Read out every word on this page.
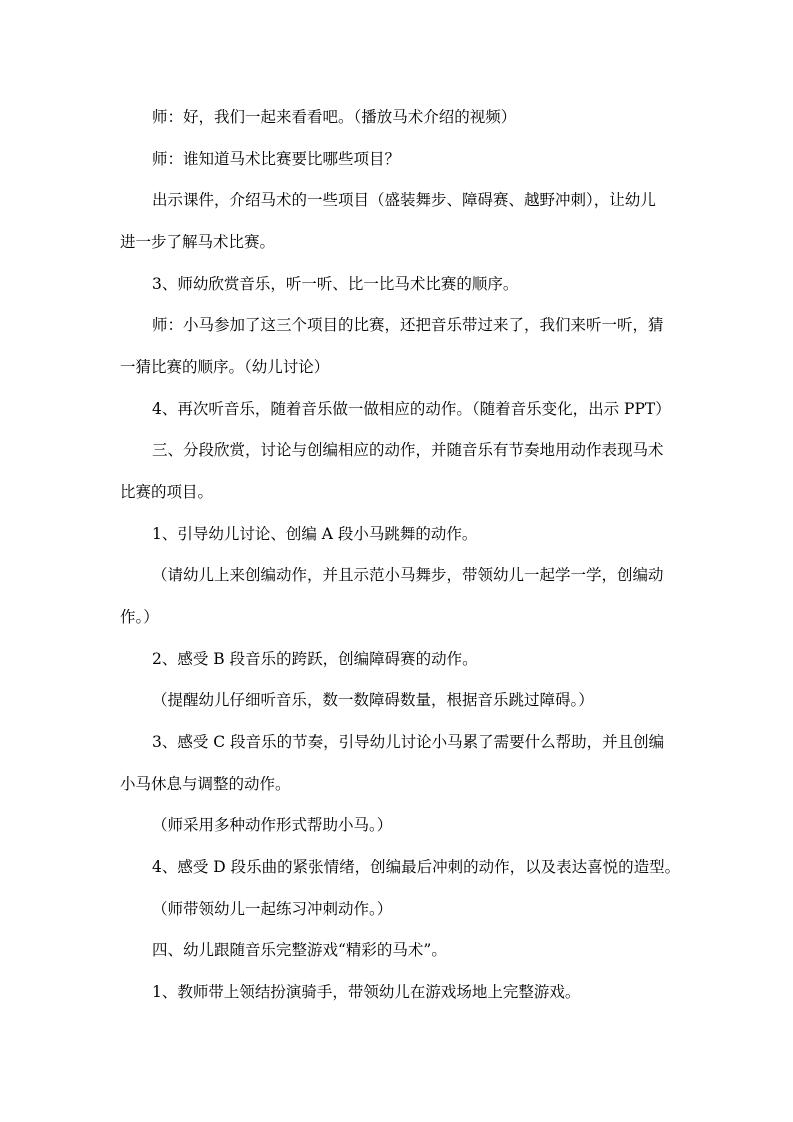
师：好，我们一起来看看吧。（播放马术介绍的视频）
师：谁知道马术比赛要比哪些项目？
出示课件，介绍马术的一些项目（盛装舞步、障碍赛、越野冲刺），让幼儿
进一步了解马术比赛。
3、师幼欣赏音乐，听一听、比一比马术比赛的顺序。
师：小马参加了这三个项目的比赛，还把音乐带过来了，我们来听一听，猜
一猜比赛的顺序。（幼儿讨论）
4、再次听音乐，随着音乐做一做相应的动作。（随着音乐变化，出示 PPT）
三、分段欣赏，讨论与创编相应的动作，并随音乐有节奏地用动作表现马术
比赛的项目。
1、引导幼儿讨论、创编 A 段小马跳舞的动作。
（请幼儿上来创编动作，并且示范小马舞步，带领幼儿一起学一学，创编动
作。）
2、感受 B 段音乐的跨跃，创编障碍赛的动作。
（提醒幼儿仔细听音乐，数一数障碍数量，根据音乐跳过障碍。）
3、感受 C 段音乐的节奏，引导幼儿讨论小马累了需要什么帮助，并且创编
小马休息与调整的动作。
（师采用多种动作形式帮助小马。）
4、感受 D 段乐曲的紧张情绪，创编最后冲刺的动作，以及表达喜悦的造型。
（师带领幼儿一起练习冲刺动作。）
四、幼儿跟随音乐完整游戏“精彩的马术”。
1、教师带上领结扮演骑手，带领幼儿在游戏场地上完整游戏。
